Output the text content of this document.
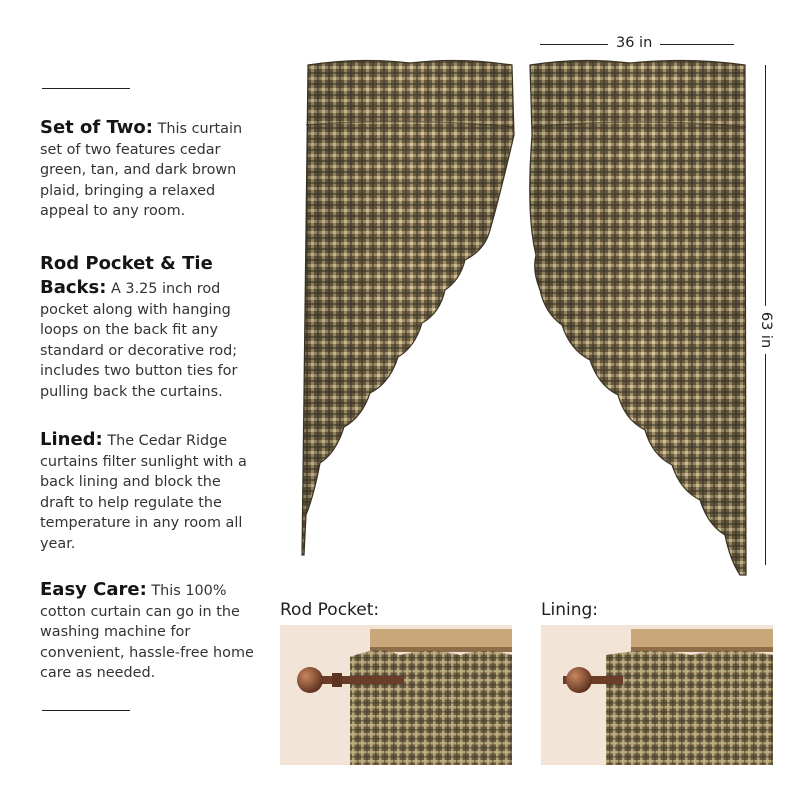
Set of Two: This curtain set of two features cedar green, tan, and dark brown plaid, bringing a relaxed appeal to any room.

Rod Pocket & Tie

Backs: A 3.25 inch rod pocket along with hanging loops on the back fit any standard or decorative rod; includes two button ties for pulling back the curtains.

Lined: The Cedar Ridge curtains filter sunlight with a back lining and block the draft to help regulate the temperature in any room all year.

Easy Care: This 100% cotton curtain can go in the washing machine for convenient, hassle-free home care as needed.

36 in
63 in
Rod Pocket:	Lining:
